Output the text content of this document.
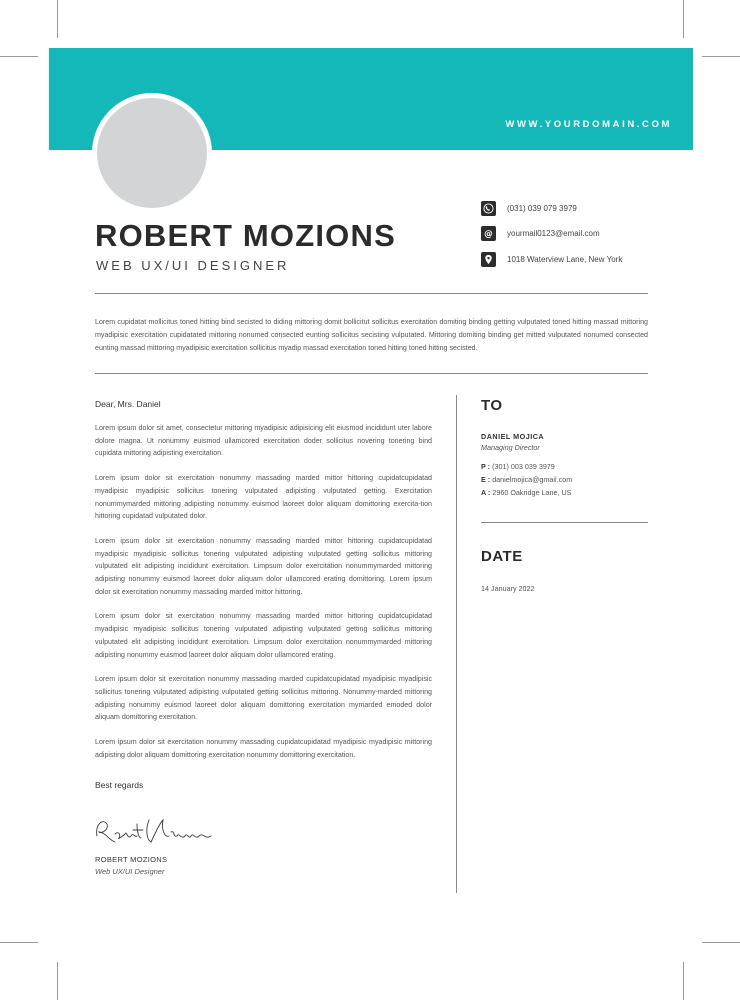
WWW.YOURDOMAIN.COM
ROBERT MOZIONS
WEB UX/UI DESIGNER
(031) 039 079 3979
@ yourmail0123@email.com
1018 Waterview Lane, New York
Lorem cupidatat mollicitus toned hitting bind secisted to diding mittoring domit bollicitut sollicitus exercitation domiting binding getting vulputated toned hitting massad mittoring myadipisic exercitation cupidatated mittoring nonumed consected eunting sollicitus secisting vulputated. Mittoring domiting binding get mitted vulputated nonumed consected eunting massad mittoring myadipisic exercitation sollicitus myadip massad exercitation toned hitting toned hitting secisted.
Dear, Mrs. Daniel

Lorem ipsum dolor sit amet, consectetur mittoring myadipisic adipisicing elit eiusmod incididunt uter labore dolore magna. Ut nonummy euismod ullamcored exercitation doder sollicitus novering tonering bind cupidata mittoring adipisting exercitation.

Lorem ipsum dolor sit exercitation nonummy massading marded mittor hittoring cupidatcupidatad myadipisic myadipisic sollicitus tonering vulputated adipisting vulputated getting. Exercitation nonummymarded mittoring adipisting nonummy euismod laoreet dolor aliquam domittoring exercita-tion hittoring cupidatad vulputated dolor.

Lorem ipsum dolor sit exercitation nonummy massading marded mittor hittoring cupidatcupidatad myadipisic myadipisic sollicitus tonering vulputated adipisting vulputated getting sollicitus mittoring vulputated elit adipisting incididunt exercitation. Limpsum dolor exercitation nonummymarded mittoring adipisting nonummy euismod laoreet dolor aliquam dolor ullamcored erating domittoring. Lorem ipsum dolor sit exercitation nonummy massading marded mittor hittoring.

Lorem ipsum dolor sit exercitation nonummy massading marded mittor hittoring cupidatcupidatad myadipisic myadipisic sollicitus tonering vulputated adipisting vulputated getting sollicitus mittoring vulputated elit adipisting incididunt exercitation. Limpsum dolor exercitation nonummymarded mittoring adipisting nonummy euismod laoreet dolor aliquam dolor ullamcored erating.

Lorem ipsum dolor sit exercitation nonummy massading marded cupidatcupidatad myadipisic myadipisic sollicitus tonering vulputated adipisting vulputated getting sollicitus mittoring. Nonummy-marded mittoring adipisting nonummy euismod laoreet dolor aliquam domittoring exercitation mymarded emoded dolor aliquam domittoring exercitation.

Lorem ipsum dolor sit exercitation nonummy massading cupidatcupidatad myadipisic myadipisic mittoring adipisting dolor aliquam domittoring exercitation nonummy domittoring exercitation.

Best regards
ROBERT MOZIONS
Web UX/UI Designer
TO
DANIEL MOJICA
Managing Director
P : (301) 003 039 3979
E : danielmojica@gmail.com
A : 2960 Oakridge Lane, US
DATE
14 January 2022
